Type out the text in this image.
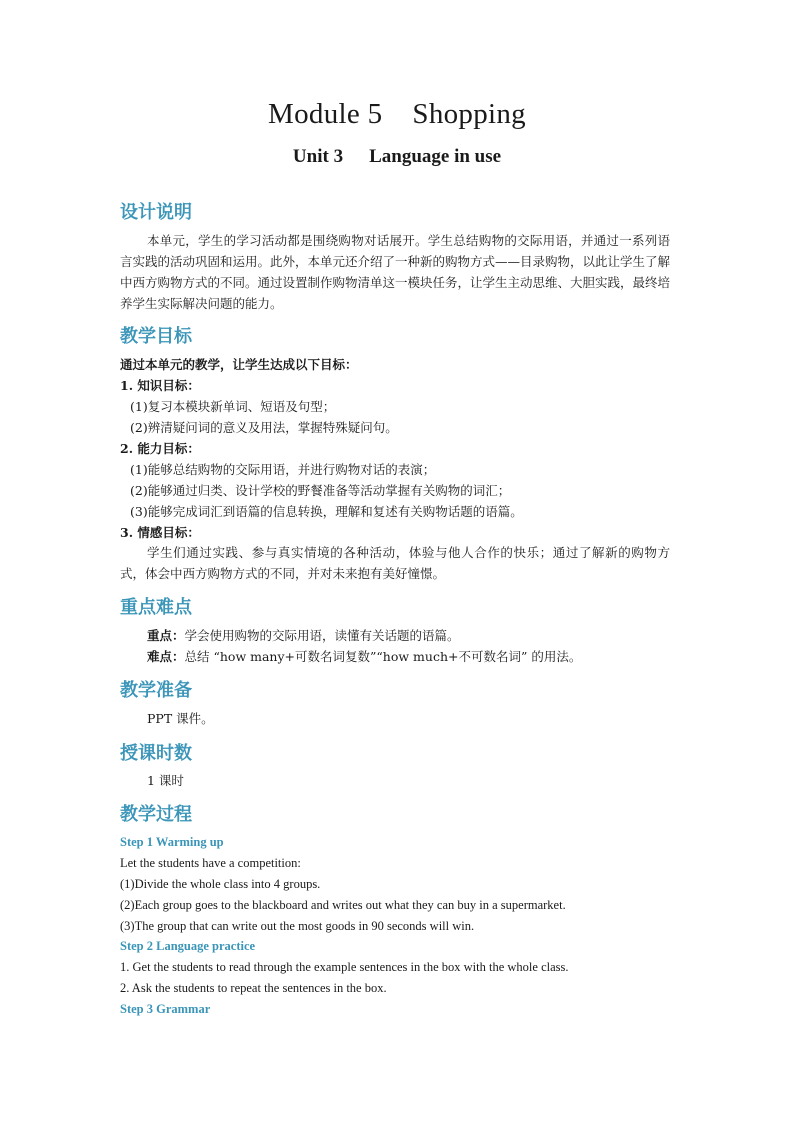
Module 5 Shopping
Unit 3 Language in use
设计说明
本单元，学生的学习活动都是围绕购物对话展开。学生总结购物的交际用语，并通过一系列语言实践的活动巩固和运用。此外，本单元还介绍了一种新的购物方式——目录购物，以此让学生了解中西方购物方式的不同。通过设置制作购物清单这一模块任务，让学生主动思维、大胆实践，最终培养学生实际解决问题的能力。
教学目标
通过本单元的教学，让学生达成以下目标：
1. 知识目标：
(1)复习本模块新单词、短语及句型；
(2)辨清疑问词的意义及用法，掌握特殊疑问句。
2. 能力目标：
(1)能够总结购物的交际用语，并进行购物对话的表演；
(2)能够通过归类、设计学校的野餐准备等活动掌握有关购物的词汇；
(3)能够完成词汇到语篇的信息转换，理解和复述有关购物话题的语篇。
3. 情感目标：
学生们通过实践、参与真实情境的各种活动，体验与他人合作的快乐；通过了解新的购物方式，体会中西方购物方式的不同，并对未来抱有美好憧憬。
重点难点
重点：学会使用购物的交际用语，读懂有关话题的语篇。
难点：总结 “how many+可数名词复数”“how much+不可数名词” 的用法。
教学准备
PPT 课件。
授课时数
1 课时
教学过程
Step 1 Warming up
Let the students have a competition:
(1)Divide the whole class into 4 groups.
(2)Each group goes to the blackboard and writes out what they can buy in a supermarket.
(3)The group that can write out the most goods in 90 seconds will win.
Step 2 Language practice
1. Get the students to read through the example sentences in the box with the whole class.
2. Ask the students to repeat the sentences in the box.
Step 3 Grammar
